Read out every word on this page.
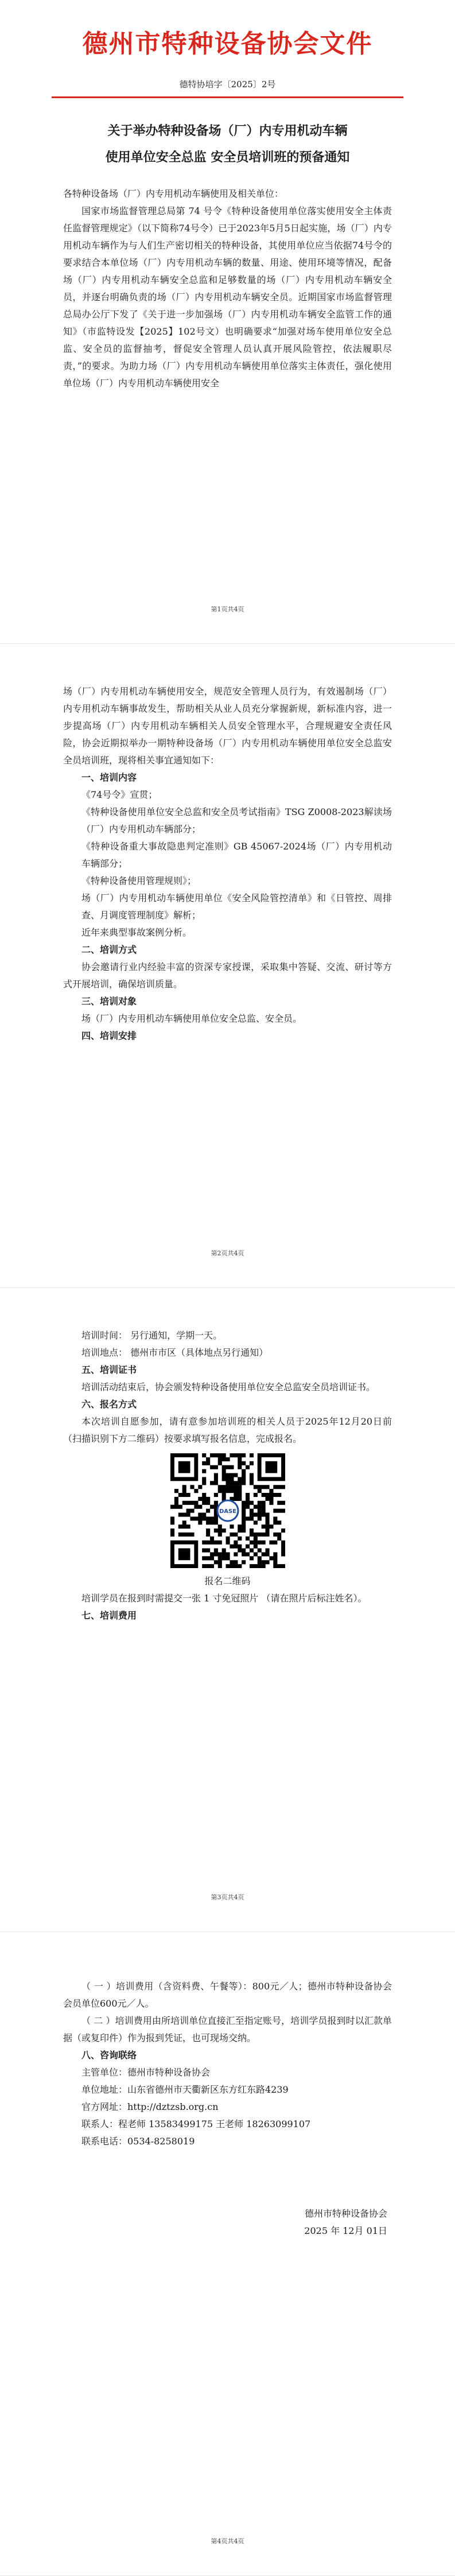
德州市特种设备协会文件
德特协培字〔2025〕2号
关于举办特种设备场（厂）内专用机动车辆
使用单位安全总监 安全员培训班的预备通知

各特种设备场（厂）内专用机动车辆使用及相关单位：

国家市场监督管理总局第 74 号令《特种设备使用单位落实使用安全主体责任监督管理规定》（以下简称74号令）已于2023年5月5日起实施，场（厂）内专用机动车辆作为与人们生产密切相关的特种设备，其使用单位应当依据74号令的要求结合本单位场（厂）内专用机动车辆的数量、用途、使用环境等情况，配备场（厂）内专用机动车辆安全总监和足够数量的场（厂）内专用机动车辆安全员，并逐台明确负责的场（厂）内专用机动车辆安全员。近期国家市场监督管理总局办公厅下发了《关于进一步加强场（厂）内专用机动车辆安全监管工作的通知》（市监特设发【2025】102号文）也明确要求“加强对场车使用单位安全总监、安全员的监督抽考，督促安全管理人员认真开展风险管控，依法履职尽责，”的要求。为助力场（厂）内专用机动车辆使用单位落实主体责任，强化使用单位场（厂）内专用机动车辆使用安全

第1页共4页

场（厂）内专用机动车辆使用安全，规范安全管理人员行为，有效遏制场（厂）内专用机动车辆事故发生，帮助相关从业人员充分掌握新规，新标准内容，进一步提高场（厂）内专用机动车辆相关人员安全管理水平，合理规避安全责任风险，协会近期拟举办一期特种设备场（厂）内专用机动车辆使用单位安全总监安全员培训班，现将相关事宜通知如下：

一、培训内容
《74号令》宣贯；
《特种设备使用单位安全总监和安全员考试指南》TSG Z0008-2023解读场（厂）内专用机动车辆部分；
《特种设备重大事故隐患判定准则》GB 45067-2024场（厂）内专用机动车辆部分；
《特种设备使用管理规则》；
场（厂）内专用机动车辆使用单位《安全风险管控清单》和《日管控、周排查、月调度管理制度》解析；
近年来典型事故案例分析。
二、培训方式

协会邀请行业内经验丰富的资深专家授课，采取集中答疑、交流、研讨等方式开展培训，确保培训质量。

三、培训对象

场（厂）内专用机动车辆使用单位安全总监、安全员。

四、培训安排
第2页共4页
培训时间： 另行通知，学期一天。
培训地点： 德州市市区（具体地点另行通知）
五、培训证书

培训活动结束后，协会颁发特种设备使用单位安全总监安全员培训证书。

六、报名方式

本次培训自愿参加，请有意参加培训班的相关人员于2025年12月20日前（扫描识别下方二维码）按要求填写报名信息，完成报名。

DASE
报名二维码

培训学员在报到时需提交一张 1 寸免冠照片 （请在照片后标注姓名）。

七、培训费用
第3页共4页

（ 一 ）培训费用（含资料费、午餐等）：800元／人；德州市特种设备协会会员单位600元／人。

（ 二 ）培训费用由所培训单位直接汇至指定账号，培训学员报到时以汇款单据（或复印件）作为报到凭证，也可现场交纳。

八、咨询联络
主管单位：德州市特种设备协会
单位地址：山东省德州市天衢新区东方红东路4239
官方网址：http://dztzsb.org.cn
联系人：程老师 13583499175 王老师 18263099107
联系电话：0534-8258019
德州市特种设备协会
2025 年 12月 01日
第4页共4页
